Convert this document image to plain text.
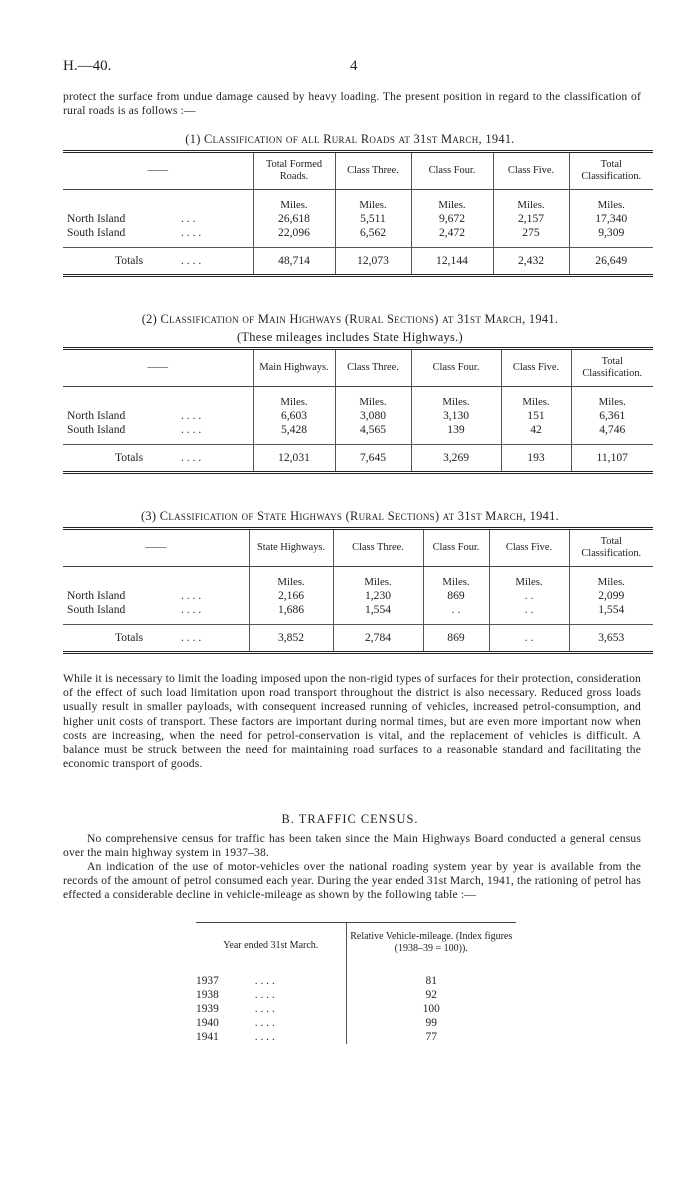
H.—40.	4
protect the surface from undue damage caused by heavy loading. The present position in regard to the classification of rural roads is as follows :—
(1) Classification of all Rural Roads at 31st March, 1941.
——	Total Formed Roads.	Class Three.	Class Four.	Class Five.	Total Classification.
	Miles.	Miles.	Miles.	Miles.	Miles.
North Island . . .	26,618	5,511	9,672	2,157	17,340
South Island . . . .	22,096	6,562	2,472	275	9,309

Totals . . . .	48,714	12,073	12,144	2,432	26,649
(2) Classification of Main Highways (Rural Sections) at 31st March, 1941.
(These mileages includes State Highways.)
——	Main Highways.	Class Three.	Class Four.	Class Five.	Total Classification.
	Miles.	Miles.	Miles.	Miles.	Miles.
North Island . . . .	6,603	3,080	3,130	151	6,361
South Island . . . .	5,428	4,565	139	42	4,746

Totals . . . .	12,031	7,645	3,269	193	11,107
(3) Classification of State Highways (Rural Sections) at 31st March, 1941.
——	State Highways.	Class Three.	Class Four.	Class Five.	Total Classification.
	Miles.	Miles.	Miles.	Miles.	Miles.
North Island . . . .	2,166	1,230	869	. .	2,099
South Island . . . .	1,686	1,554	. .	. .	1,554

Totals . . . .	3,852	2,784	869	. .	3,653
While it is necessary to limit the loading imposed upon the non-rigid types of surfaces for their protection, consideration of the effect of such load limitation upon road transport throughout the district is also necessary. Reduced gross loads usually result in smaller payloads, with consequent increased running of vehicles, increased petrol-consumption, and higher unit costs of transport. These factors are important during normal times, but are even more important now when costs are increasing, when the need for petrol-conservation is vital, and the replacement of vehicles is difficult. A balance must be struck between the need for maintaining road surfaces to a reasonable standard and facilitating the economic transport of goods.
B. TRAFFIC CENSUS.
No comprehensive census for traffic has been taken since the Main Highways Board conducted a general census over the main highway system in 1937–38.
An indication of the use of motor-vehicles over the national roading system year by year is available from the records of the amount of petrol consumed each year. During the year ended 31st March, 1941, the rationing of petrol has effected a considerable decline in vehicle-mileage as shown by the following table :—
Year ended 31st March.	Relative Vehicle-mileage. (Index figures (1938–39 = 100)).

1937 . . . .	81
1938 . . . .	92
1939 . . . .	100
1940 . . . .	99
1941 . . . .	77
